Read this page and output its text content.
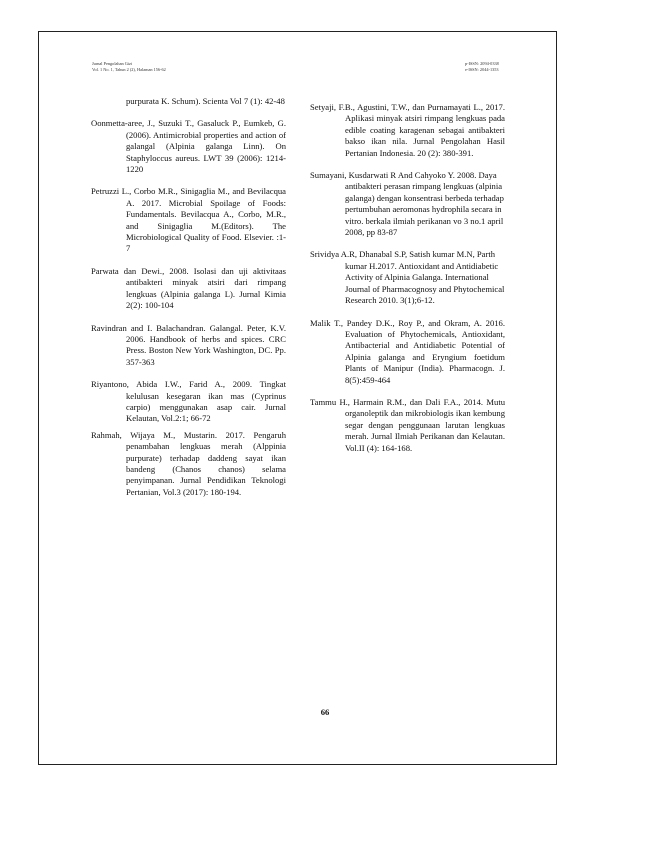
Jurnal Pengolahan Gizi
Vol. 1 No. 1, Tahun 2 (2), Halaman 156-62
p-ISSN: 2094-0338
e-ISSN: 2044-1353

purpurata K. Schum). Scienta Vol 7 (1): 42-48

Oonmetta-aree, J., Suzuki T., Gasaluck P., Eumkeb, G. (2006). Antimicrobial properties and action of galangal (Alpinia galanga Linn). On Staphyloccus aureus. LWT 39 (2006): 1214-1220

Petruzzi L., Corbo M.R., Sinigaglia M., and Bevilacqua A. 2017. Microbial Spoilage of Foods: Fundamentals. Bevilacqua A., Corbo, M.R., and Sinigaglia M.(Editors). The Microbiological Quality of Food. Elsevier. :1-7

Parwata dan Dewi., 2008. Isolasi dan uji aktivitaas antibakteri minyak atsiri dari rimpang lengkuas (Alpinia galanga L). Jurnal Kimia 2(2): 100-104

Ravindran and I. Balachandran. Galangal. Peter, K.V. 2006. Handbook of herbs and spices. CRC Press. Boston New York Washington, DC. Pp. 357-363

Riyantono, Abida I.W., Farid A., 2009. Tingkat kelulusan kesegaran ikan mas (Cyprinus carpio) menggunakan asap cair. Jurnal Kelautan, Vol.2:1; 66-72

Rahmah, Wijaya M., Mustarin. 2017. Pengaruh penambahan lengkuas merah (Alppinia purpurate) terhadap daddeng sayat ikan bandeng (Chanos chanos) selama penyimpanan. Jurnal Pendidikan Teknologi Pertanian, Vol.3 (2017): 180-194.

Setyaji, F.B., Agustini, T.W., dan Purnamayati L., 2017. Aplikasi minyak atsiri rimpang lengkuas pada edible coating karagenan sebagai antibakteri bakso ikan nila. Jurnal Pengolahan Hasil Pertanian Indonesia. 20 (2): 380-391.

Sumayani, Kusdarwati R And Cahyoko Y. 2008. Daya antibakteri perasan rimpang lengkuas (alpinia galanga) dengan konsentrasi berbeda terhadap pertumbuhan aeromonas hydrophila secara in vitro. berkala ilmiah perikanan vo 3 no.1 april 2008, pp 83-87

Srividya A.R, Dhanabal S.P, Satish kumar M.N, Parth kumar H.2017. Antioxidant and Antidiabetic Activity of Alpinia Galanga. International Journal of Pharmacognosy and Phytochemical Research 2010. 3(1);6-12.

Malik T., Pandey D.K., Roy P., and Okram, A. 2016. Evaluation of Phytochemicals, Antioxidant, Antibacterial and Antidiabetic Potential of Alpinia galanga and Eryngium foetidum Plants of Manipur (India). Pharmacogn. J. 8(5):459-464

Tammu H., Harmain R.M., dan Dali F.A., 2014. Mutu organoleptik dan mikrobiologis ikan kembung segar dengan penggunaan larutan lengkuas merah. Jurnal Ilmiah Perikanan dan Kelautan. Vol.II (4): 164-168.

66
